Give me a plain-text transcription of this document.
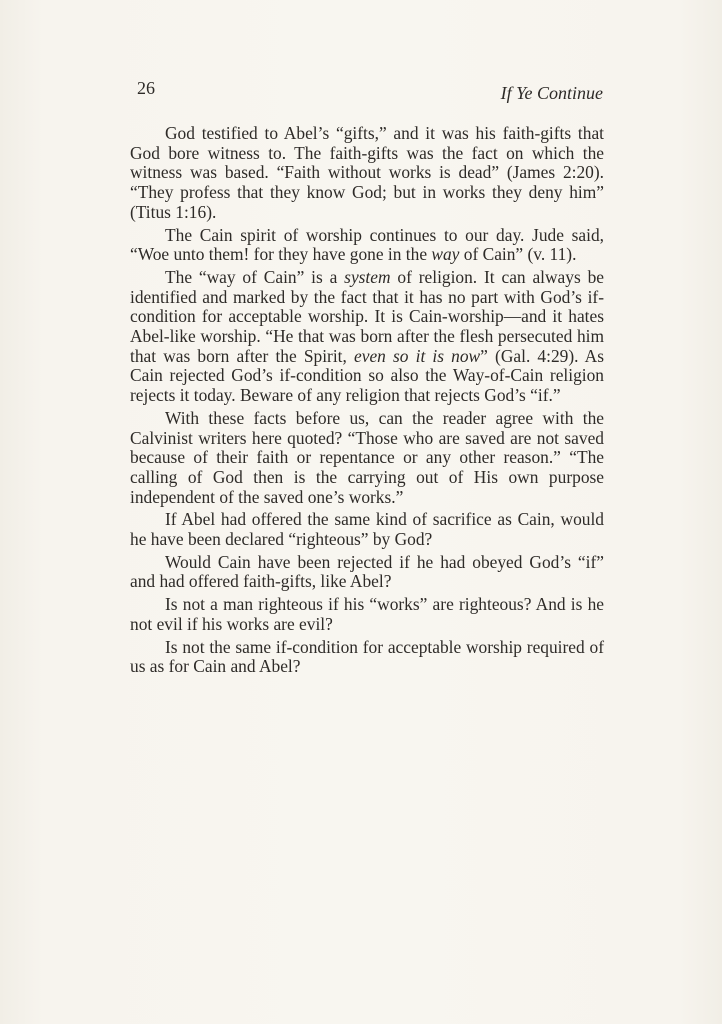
26	If Ye Continue

God testified to Abel’s “gifts,” and it was his faith-gifts that God bore witness to. The faith-gifts was the fact on which the witness was based. “Faith without works is dead” (James 2:20). “They profess that they know God; but in works they deny him” (Titus 1:16).

The Cain spirit of worship continues to our day. Jude said, “Woe unto them! for they have gone in the way of Cain” (v. 11).

The “way of Cain” is a system of religion. It can always be identified and marked by the fact that it has no part with God’s if-condition for acceptable worship. It is Cain-worship—and it hates Abel-like worship. “He that was born after the flesh persecuted him that was born after the Spirit, even so it is now” (Gal. 4:29). As Cain rejected God’s if-condition so also the Way-of-Cain religion rejects it today. Beware of any religion that rejects God’s “if.”

With these facts before us, can the reader agree with the Calvinist writers here quoted? “Those who are saved are not saved because of their faith or repentance or any other reason.” “The calling of God then is the carrying out of His own purpose independent of the saved one’s works.”

If Abel had offered the same kind of sacrifice as Cain, would he have been declared “righteous” by God?

Would Cain have been rejected if he had obeyed God’s “if” and had offered faith-gifts, like Abel?

Is not a man righteous if his “works” are righteous? And is he not evil if his works are evil?

Is not the same if-condition for acceptable worship required of us as for Cain and Abel?
